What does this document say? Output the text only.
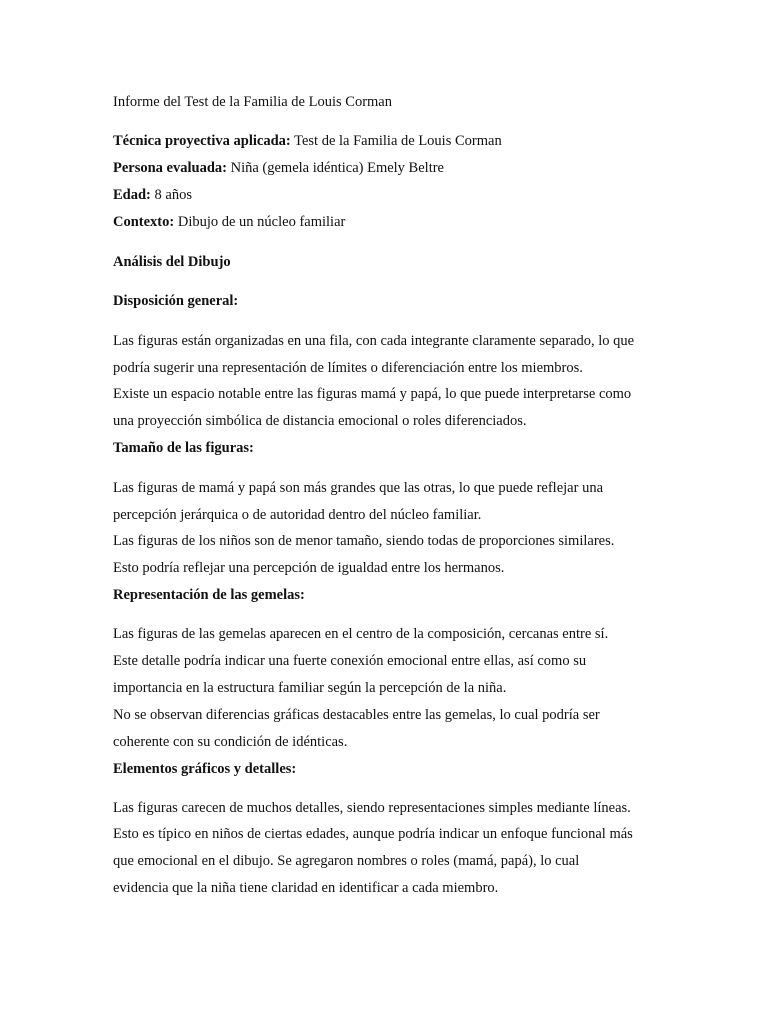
Informe del Test de la Familia de Louis Corman
Técnica proyectiva aplicada: Test de la Familia de Louis Corman
Persona evaluada: Niña (gemela idéntica) Emely Beltre
Edad: 8 años
Contexto: Dibujo de un núcleo familiar
Análisis del Dibujo
Disposición general:
Las figuras están organizadas en una fila, con cada integrante claramente separado, lo que
podría sugerir una representación de límites o diferenciación entre los miembros.
Existe un espacio notable entre las figuras mamá y papá, lo que puede interpretarse como
una proyección simbólica de distancia emocional o roles diferenciados.
Tamaño de las figuras:
Las figuras de mamá y papá son más grandes que las otras, lo que puede reflejar una
percepción jerárquica o de autoridad dentro del núcleo familiar.
Las figuras de los niños son de menor tamaño, siendo todas de proporciones similares.
Esto podría reflejar una percepción de igualdad entre los hermanos.
Representación de las gemelas:
Las figuras de las gemelas aparecen en el centro de la composición, cercanas entre sí.
Este detalle podría indicar una fuerte conexión emocional entre ellas, así como su
importancia en la estructura familiar según la percepción de la niña.
No se observan diferencias gráficas destacables entre las gemelas, lo cual podría ser
coherente con su condición de idénticas.
Elementos gráficos y detalles:
Las figuras carecen de muchos detalles, siendo representaciones simples mediante líneas.
Esto es típico en niños de ciertas edades, aunque podría indicar un enfoque funcional más
que emocional en el dibujo. Se agregaron nombres o roles (mamá, papá), lo cual
evidencia que la niña tiene claridad en identificar a cada miembro.
